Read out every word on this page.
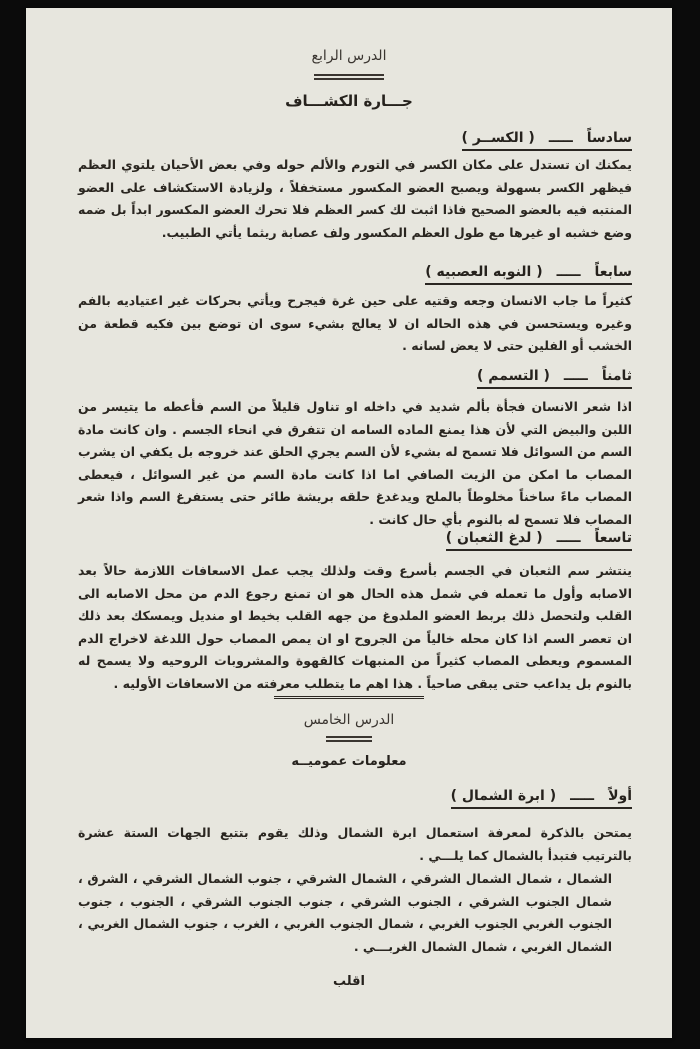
الدرس الرابع
جـــارة الكشـــاف
سادساًـــــ( الكســر )
يمكنك ان تستدل على مكان الكسر في التورم والألم حوله وفي بعض الأحيان يلتوي العظم فيظهر الكسر بسهولة ويصبح العضو المكسور مستخفلاً ، ولزيادة الاستكشاف على العضو المنتبه فيه بالعضو الصحيح فاذا اثبت لك كسر العظم فلا تحرك العضو المكسور ابداً بل ضمه وضع خشبه او غيرها مع طول العظم المكسور ولف عصابة ريثما يأتي الطبيب.
سابعاًـــــ( النوبه العصبيه )
كثيراً ما جاب الانسان وجعه وقتيه على حين غرة فيجرح ويأتي بحركات غير اعتياديه بالفم وغيره ويستحسن في هذه الحاله ان لا يعالج بشيء سوى ان توضع بين فكيه قطعة من الخشب أو الفلين حتى لا يعض لسانه .
ثامناًـــــ( التسمم )
اذا شعر الانسان فجأة بألم شديد في داخله او تناول قليلاً من السم فأعطه ما يتيسر من اللبن والبيض التي لأن هذا يمنع الماده السامه ان تتفرق في انحاء الجسم . وان كانت مادة السم من السوائل فلا تسمح له بشيء لأن السم يجري الحلق عند خروجه بل يكفي ان يشرب المصاب ما امكن من الزيت الصافي اما اذا كانت مادة السم من غير السوائل ، فيعطى المصاب ماءً ساخناً مخلوطاً بالملح ويدغدغ حلقه بريشة طائر حتى يستفرغ السم واذا شعر المصاب فلا تسمح له بالنوم بأي حال كانت .
تاسعاًـــــ( لدغ الثعبان )
ينتشر سم الثعبان في الجسم بأسرع وقت ولذلك يجب عمل الاسعافات اللازمة حالاً بعد الاصابه وأول ما تعمله في شمل هذه الحال هو ان تمنع رجوع الدم من محل الاصابه الى القلب ولتحصل ذلك بربط العضو الملدوغ من جهه القلب بخيط او منديل ويمسكك بعد ذلك ان تعصر السم اذا كان محله خالياً من الجروح او ان يمص المصاب حول اللدغة لاخراج الدم المسموم ويعطى المصاب كثيراً من المنبهات كالقهوة والمشروبات الروحيه ولا يسمح له بالنوم بل يداعب حتى يبقى صاحياً . هذا اهم ما يتطلب معرفته من الاسعافات الأوليه .
الدرس الخامس
معلومات عموميــه
أولاًـــــ( ابرة الشمال )
يمتحن بالذكرة لمعرفة استعمال ابرة الشمال وذلك يقوم بتتبع الجهات الستة عشرة بالترتيب فتبدأ بالشمال كما يلـــي .
الشمال ، شمال الشمال الشرقي ، الشمال الشرقي ، جنوب الشمال الشرقي ، الشرق ، شمال الجنوب الشرقي ، الجنوب الشرقي ، جنوب الجنوب الشرقي ، الجنوب ، جنوب الجنوب الغربي الجنوب الغربي ، شمال الجنوب الغربي ، الغرب ، جنوب الشمال الغربي ، الشمال الغربي ، شمال الشمال الغربـــي .
اقلب
